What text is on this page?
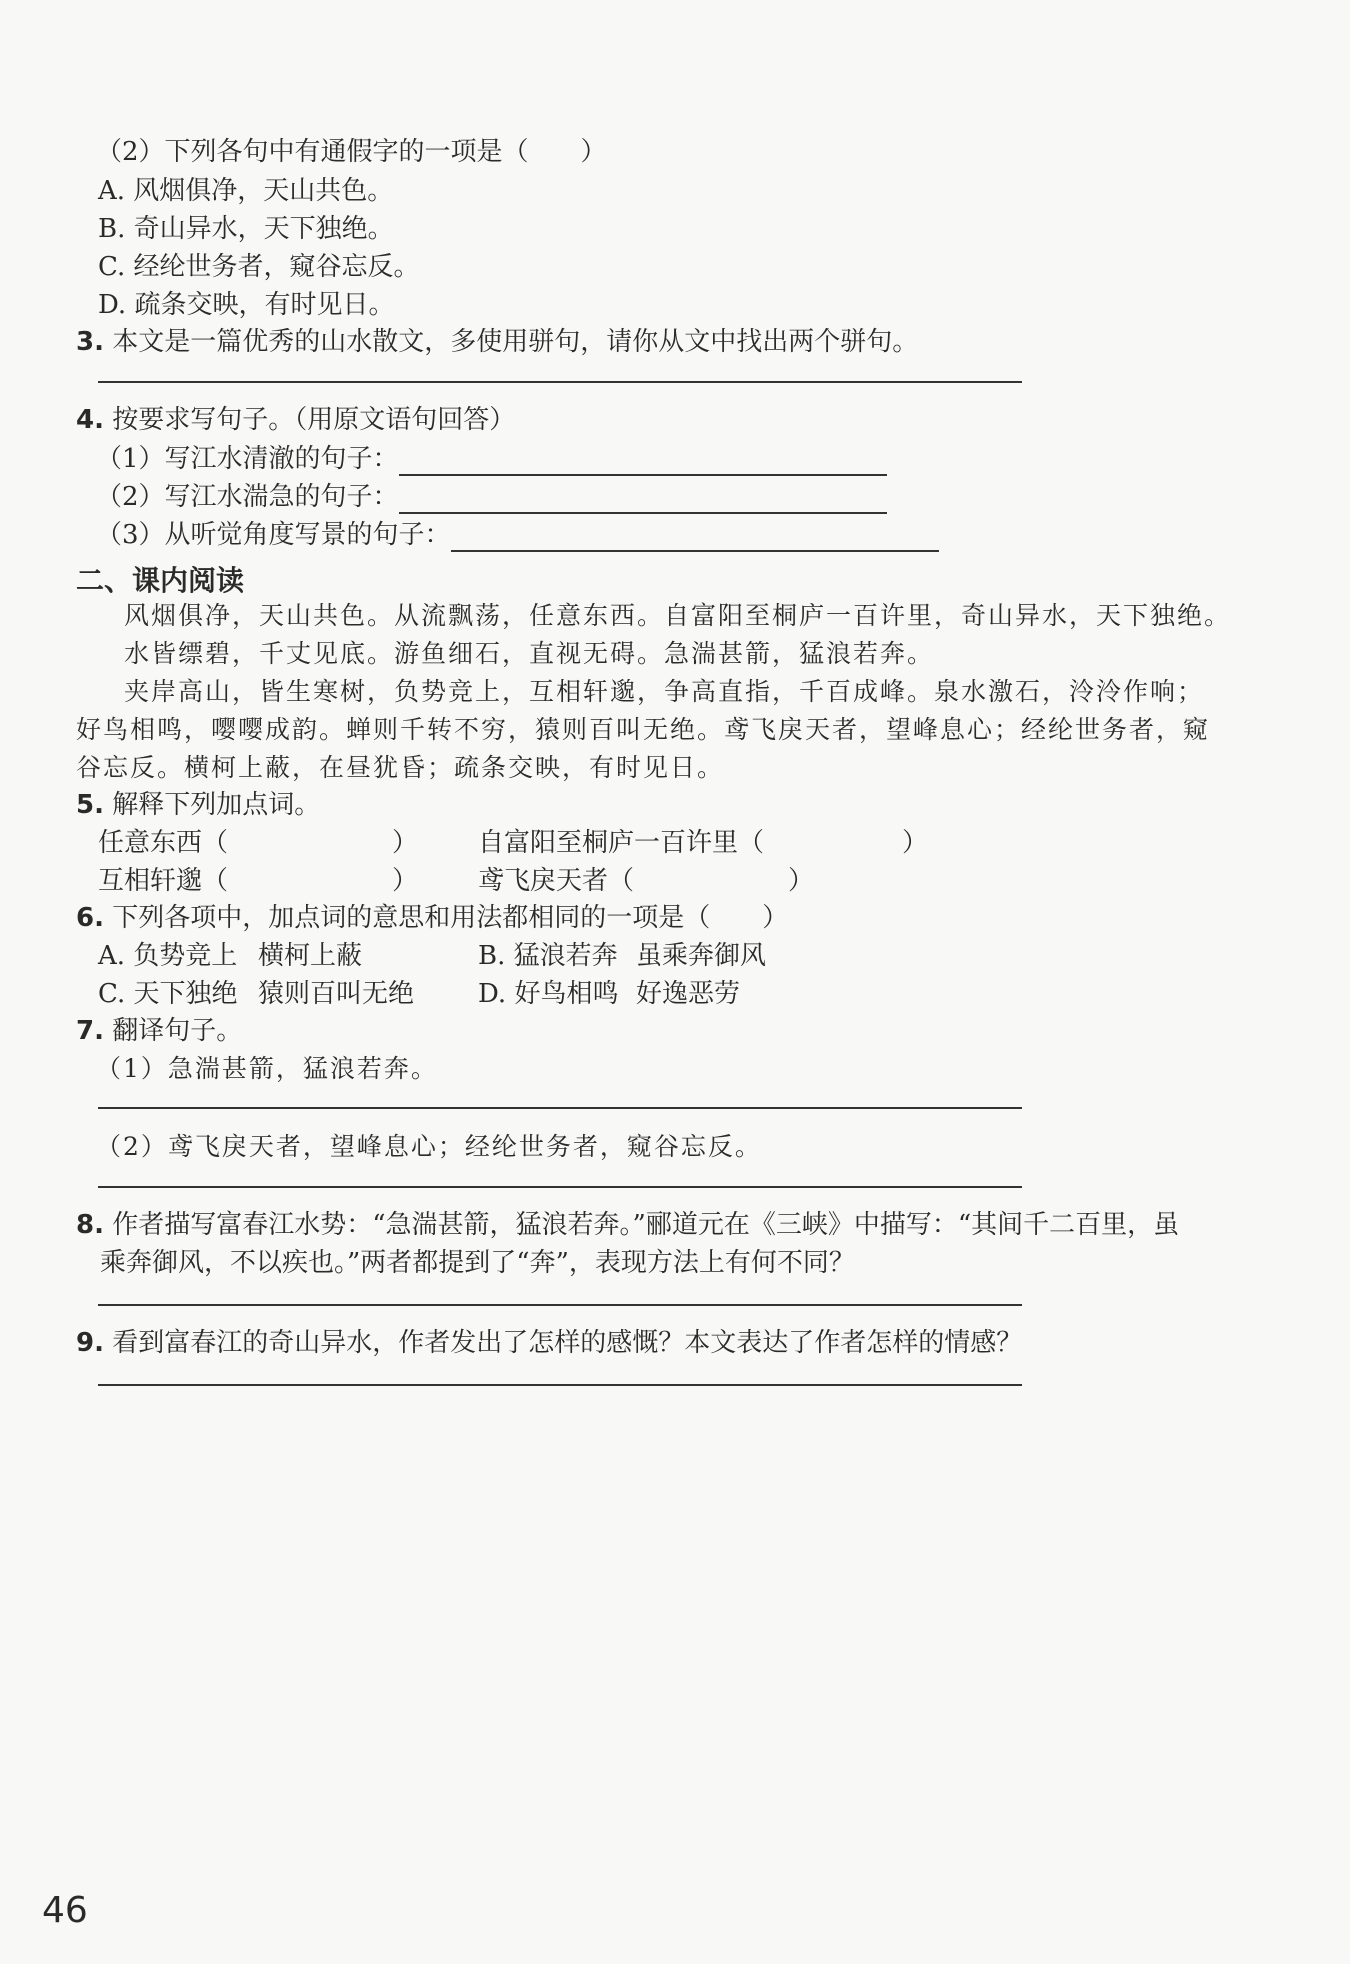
（2）下列各句中有通假字的一项是（　　）
A. 风烟俱净，天山共色。
B. 奇山异水，天下独绝。
C. 经纶世务者，窥谷忘反。
D. 疏条交映，有时见日。
3. 本文是一篇优秀的山水散文，多使用骈句，请你从文中找出两个骈句。
4. 按要求写句子。（用原文语句回答）
（1）写江水清澈的句子：
（2）写江水湍急的句子：
（3）从听觉角度写景的句子：
二、课内阅读
风烟俱净，天山共色。从流飘荡，任意东西。自富阳至桐庐一百许里，奇山异水，天下独绝。
水皆缥碧，千丈见底。游鱼细石，直视无碍。急湍甚箭，猛浪若奔。
夹岸高山，皆生寒树，负势竞上，互相轩邈，争高直指，千百成峰。泉水激石，泠泠作响；
好鸟相鸣，嘤嘤成韵。蝉则千转不穷，猿则百叫无绝。鸢飞戾天者，望峰息心；经纶世务者，窥
谷忘反。横柯上蔽，在昼犹昏；疏条交映，有时见日。
5. 解释下列加点词。
任意东西（	） 自富阳至桐庐一百许里（	）
互相轩邈（	） 鸢飞戾天者（	）
6. 下列各项中，加点词的意思和用法都相同的一项是（　　）
A. 负势竞上 横柯上蔽	B. 猛浪若奔 虽乘奔御风
C. 天下独绝 猿则百叫无绝 D. 好鸟相鸣 好逸恶劳
7. 翻译句子。
（1）急湍甚箭，猛浪若奔。
（2）鸢飞戾天者，望峰息心；经纶世务者，窥谷忘反。
8. 作者描写富春江水势：“急湍甚箭，猛浪若奔。”郦道元在《三峡》中描写：“其间千二百里，虽
乘奔御风，不以疾也。”两者都提到了“奔”，表现方法上有何不同？
9. 看到富春江的奇山异水，作者发出了怎样的感慨？本文表达了作者怎样的情感？
46
